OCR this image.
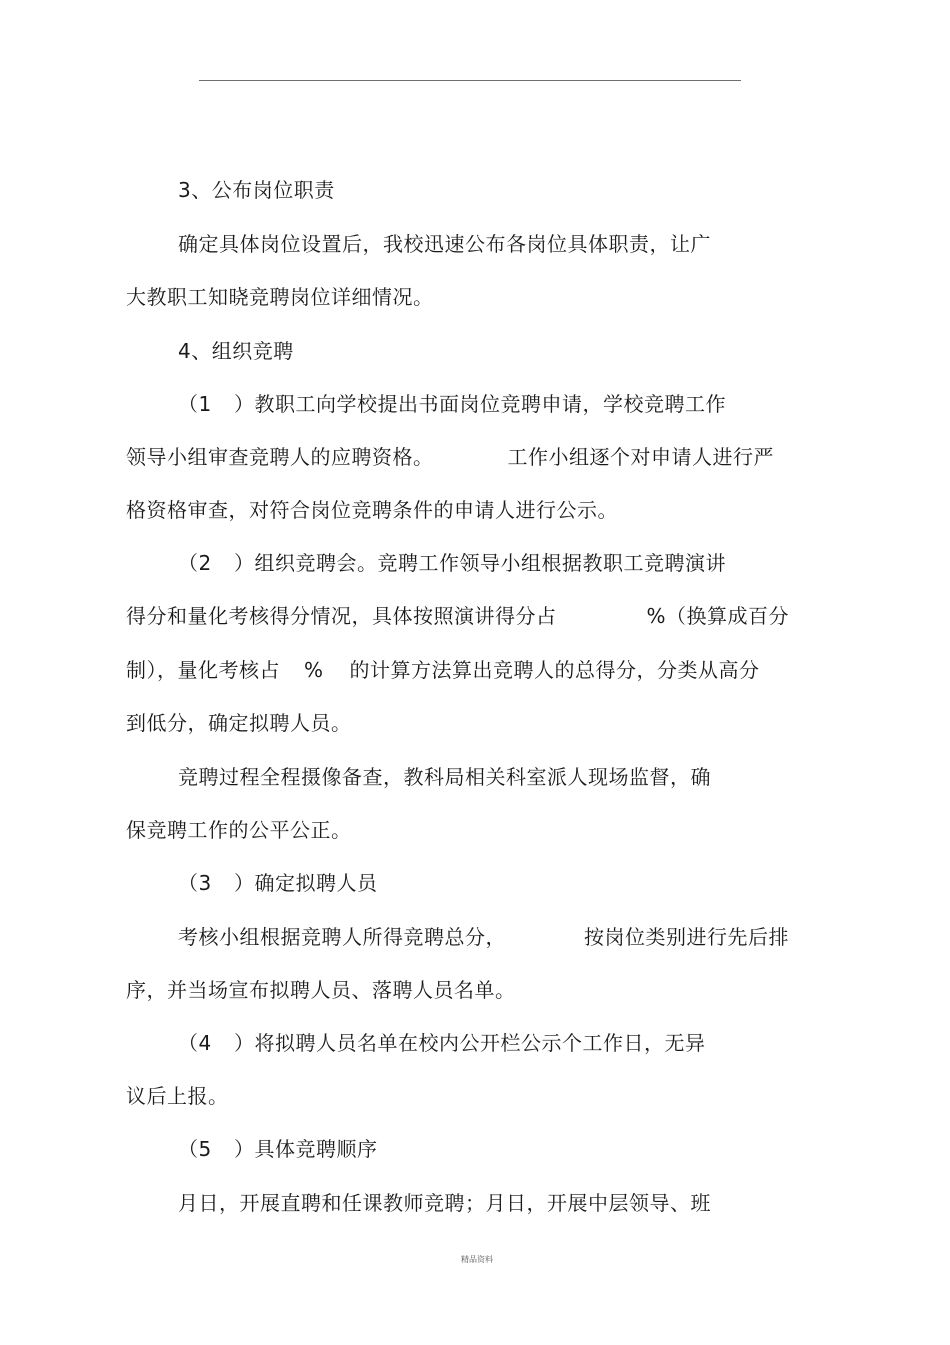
3、公布岗位职责
确定具体岗位设置后，我校迅速公布各岗位具体职责，让广
大教职工知晓竞聘岗位详细情况。
4、组织竞聘
（1 ）教职工向学校提出书面岗位竞聘申请，学校竞聘工作
领导小组审查竞聘人的应聘资格。	工作小组逐个对申请人进行严
格资格审查，对符合岗位竞聘条件的申请人进行公示。
（2 ）组织竞聘会。竞聘工作领导小组根据教职工竞聘演讲
得分和量化考核得分情况，具体按照演讲得分占	%（换算成百分
制），量化考核占 % 的计算方法算出竞聘人的总得分，分类从高分
到低分，确定拟聘人员。
竞聘过程全程摄像备查，教科局相关科室派人现场监督，确
保竞聘工作的公平公正。
（3 ）确定拟聘人员
考核小组根据竞聘人所得竞聘总分，	按岗位类别进行先后排
序，并当场宣布拟聘人员、落聘人员名单。
（4 ）将拟聘人员名单在校内公开栏公示个工作日，无异
议后上报。
（5 ）具体竞聘顺序
月日，开展直聘和任课教师竞聘；月日，开展中层领导、班
精品资料
